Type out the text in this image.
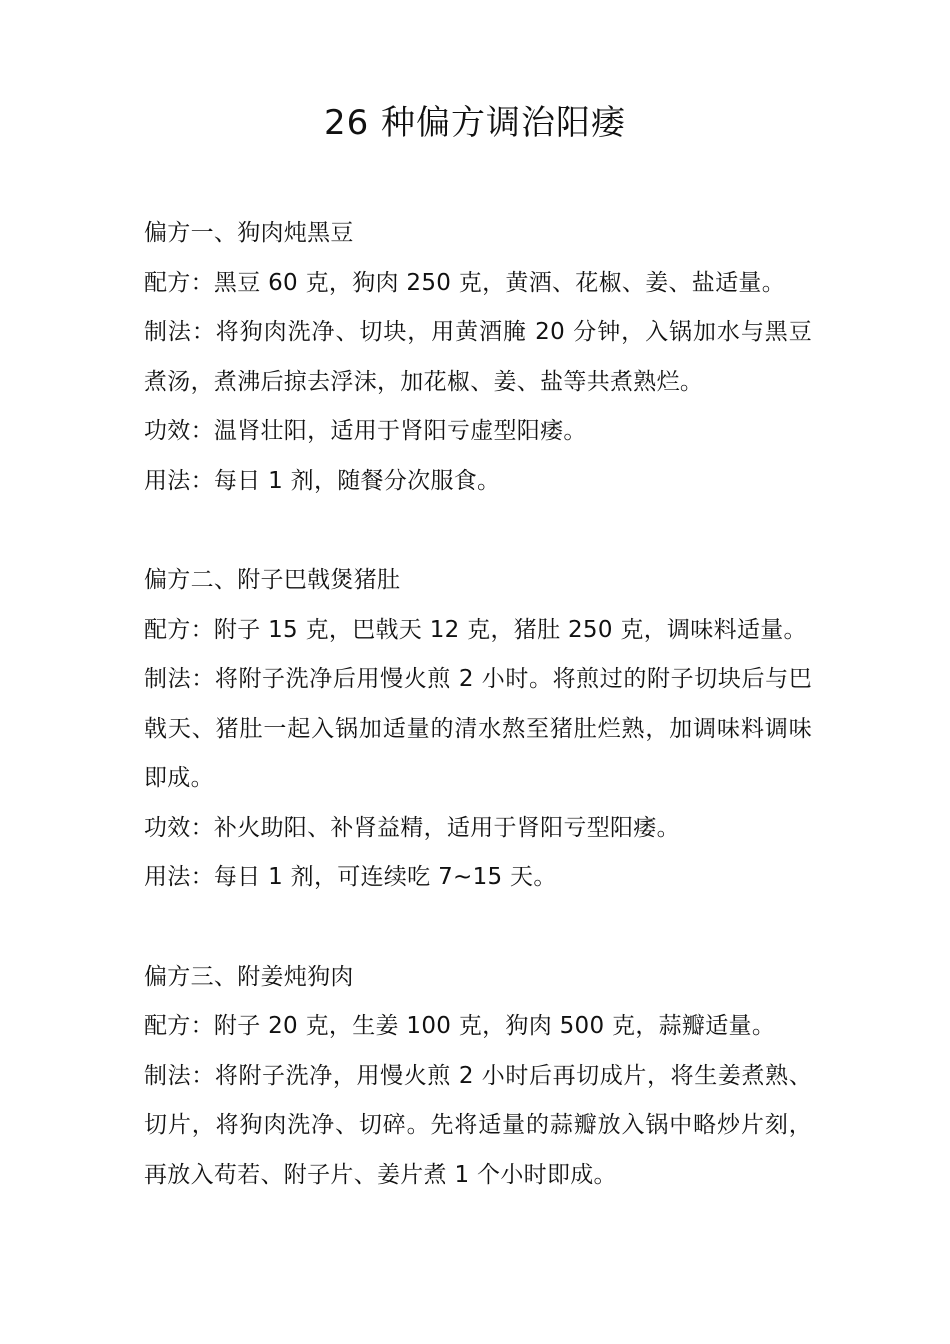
26 种偏方调治阳痿

偏方一、狗肉炖黑豆

配方：黑豆 60 克，狗肉 250 克，黄酒、花椒、姜、盐适量。

制法：将狗肉洗净、切块，用黄酒腌 20 分钟，入锅加水与黑豆煮汤，煮沸后掠去浮沫，加花椒、姜、盐等共煮熟烂。

功效：温肾壮阳，适用于肾阳亏虚型阳痿。

用法：每日 1 剂，随餐分次服食。

偏方二、附子巴戟煲猪肚

配方：附子 15 克，巴戟天 12 克，猪肚 250 克，调味料适量。

制法：将附子洗净后用慢火煎 2 小时。将煎过的附子切块后与巴戟天、猪肚一起入锅加适量的清水熬至猪肚烂熟，加调味料调味即成。

功效：补火助阳、补肾益精，适用于肾阳亏型阳痿。

用法：每日 1 剂，可连续吃 7~15 天。

偏方三、附姜炖狗肉

配方：附子 20 克，生姜 100 克，狗肉 500 克，蒜瓣适量。

制法：将附子洗净，用慢火煎 2 小时后再切成片，将生姜煮熟、切片，将狗肉洗净、切碎。先将适量的蒜瓣放入锅中略炒片刻，再放入苟若、附子片、姜片煮 1 个小时即成。
